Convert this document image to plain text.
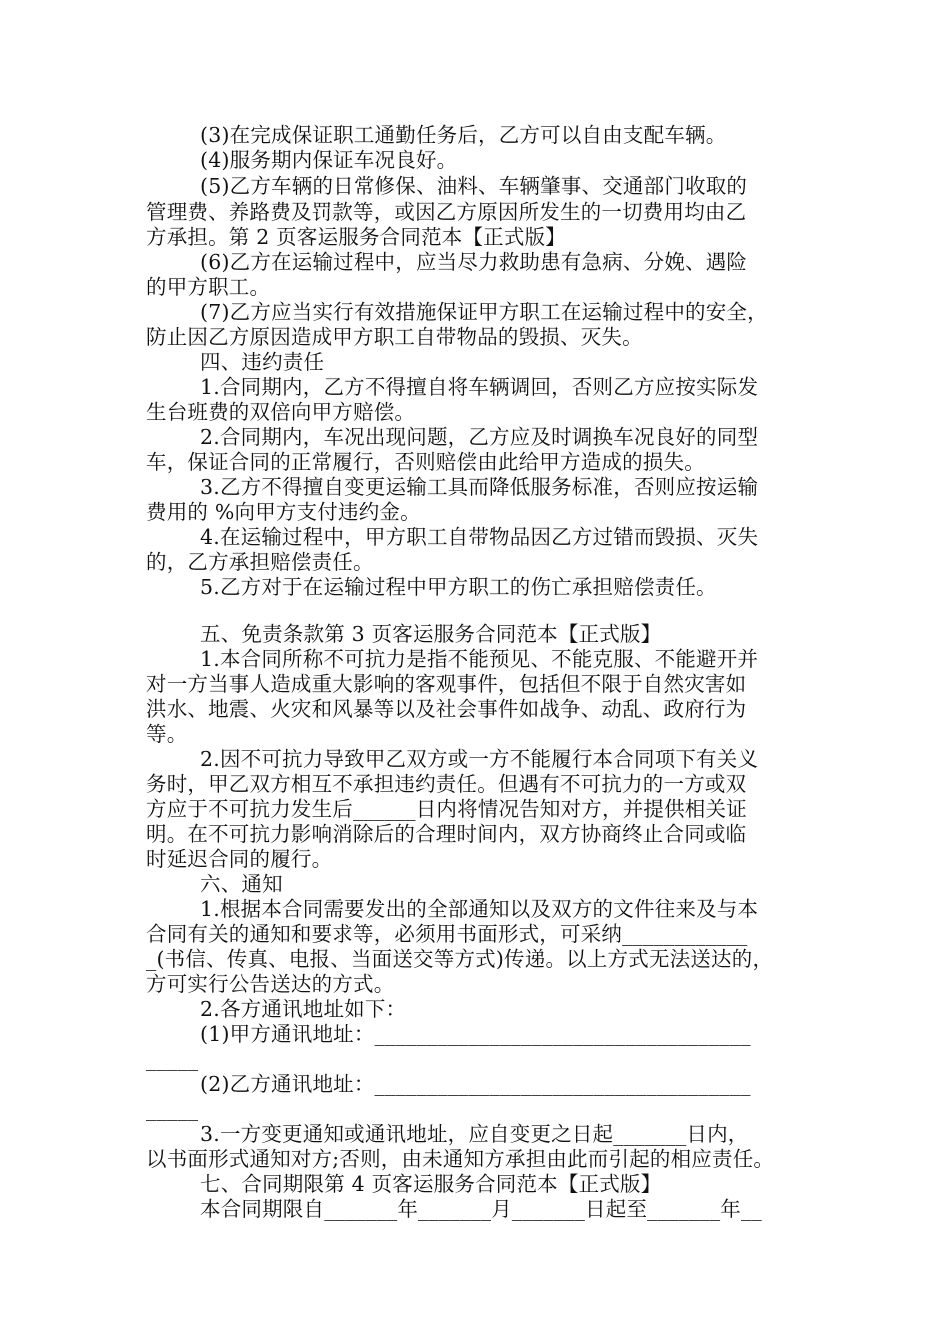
(3)在完成保证职工通勤任务后，乙方可以自由支配车辆。
(4)服务期内保证车况良好。
(5)乙方车辆的日常修保、油料、车辆肇事、交通部门收取的
管理费、养路费及罚款等，或因乙方原因所发生的一切费用均由乙
方承担。第 2 页客运服务合同范本【正式版】
(6)乙方在运输过程中，应当尽力救助患有急病、分娩、遇险
的甲方职工。
(7)乙方应当实行有效措施保证甲方职工在运输过程中的安全，
防止因乙方原因造成甲方职工自带物品的毁损、灭失。
四、违约责任
1.合同期内，乙方不得擅自将车辆调回，否则乙方应按实际发
生台班费的双倍向甲方赔偿。
2.合同期内，车况出现问题，乙方应及时调换车况良好的同型
车，保证合同的正常履行，否则赔偿由此给甲方造成的损失。
3.乙方不得擅自变更运输工具而降低服务标准，否则应按运输
费用的 %向甲方支付违约金。
4.在运输过程中，甲方职工自带物品因乙方过错而毁损、灭失
的，乙方承担赔偿责任。
5.乙方对于在运输过程中甲方职工的伤亡承担赔偿责任。
五、免责条款第 3 页客运服务合同范本【正式版】
1.本合同所称不可抗力是指不能预见、不能克服、不能避开并
对一方当事人造成重大影响的客观事件，包括但不限于自然灾害如
洪水、地震、火灾和风暴等以及社会事件如战争、动乱、政府行为
等。
2.因不可抗力导致甲乙双方或一方不能履行本合同项下有关义
务时，甲乙双方相互不承担违约责任。但遇有不可抗力的一方或双
方应于不可抗力发生后______日内将情况告知对方，并提供相关证
明。在不可抗力影响消除后的合理时间内，双方协商终止合同或临
时延迟合同的履行。
六、通知
1.根据本合同需要发出的全部通知以及双方的文件往来及与本
合同有关的通知和要求等，必须用书面形式，可采纳____________
_(书信、传真、电报、当面送交等方式)传递。以上方式无法送达的，
方可实行公告送达的方式。
2.各方通讯地址如下：
(1)甲方通讯地址：____________________________________
_____
(2)乙方通讯地址：____________________________________
_____
3.一方变更通知或通讯地址，应自变更之日起_______日内，
以书面形式通知对方;否则，由未通知方承担由此而引起的相应责任。
七、合同期限第 4 页客运服务合同范本【正式版】
本合同期限自_______年_______月_______日起至_______年__
